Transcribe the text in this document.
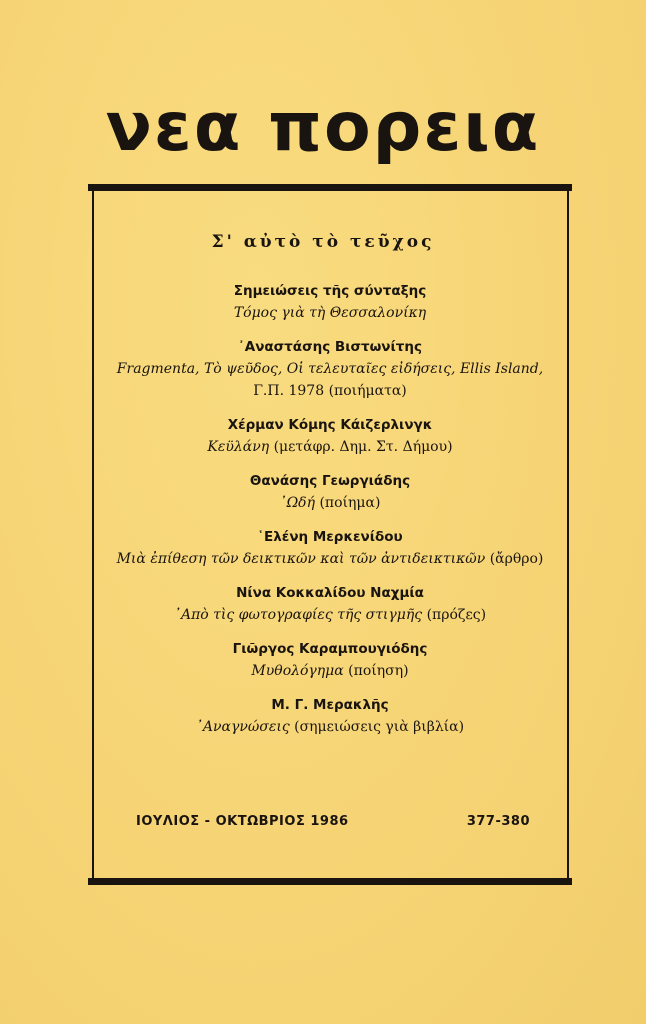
νεα πορεια
Σ' αὐτὸ τὸ τεῦχος
Σημειώσεις τῆς σύνταξης
Τόμος γιὰ τὴ Θεσσαλονίκη
᾿Αναστάσης Βιστωνίτης
Fragmenta, Τὸ ψεῦδος, Οἱ τελευταῖες εἰδήσεις, Ellis Island,
Γ.Π. 1978 (ποιήματα)
Χέρμαν Κόμης Κάιζερλινγκ
Κεϋλάνη (μετάφρ. Δημ. Στ. Δήμου)
Θανάσης Γεωργιάδης
᾿Ωδή (ποίημα)
῾Ελένη Μερκενίδου
Μιὰ ἐπίθεση τῶν δεικτικῶν καὶ τῶν ἀντιδεικτικῶν (ἄρθρο)
Νίνα Κοκκαλίδου Ναχμία
᾿Απὸ τὶς φωτογραφίες τῆς στιγμῆς (πρόζες)
Γιῶργος Καραμπουγιόδης
Μυθολόγημα (ποίηση)
Μ. Γ. Μερακλῆς
᾿Αναγνώσεις (σημειώσεις γιὰ βιβλία)
ΙΟΥΛΙΟΣ - ΟΚΤΩΒΡΙΟΣ 1986	377-380
